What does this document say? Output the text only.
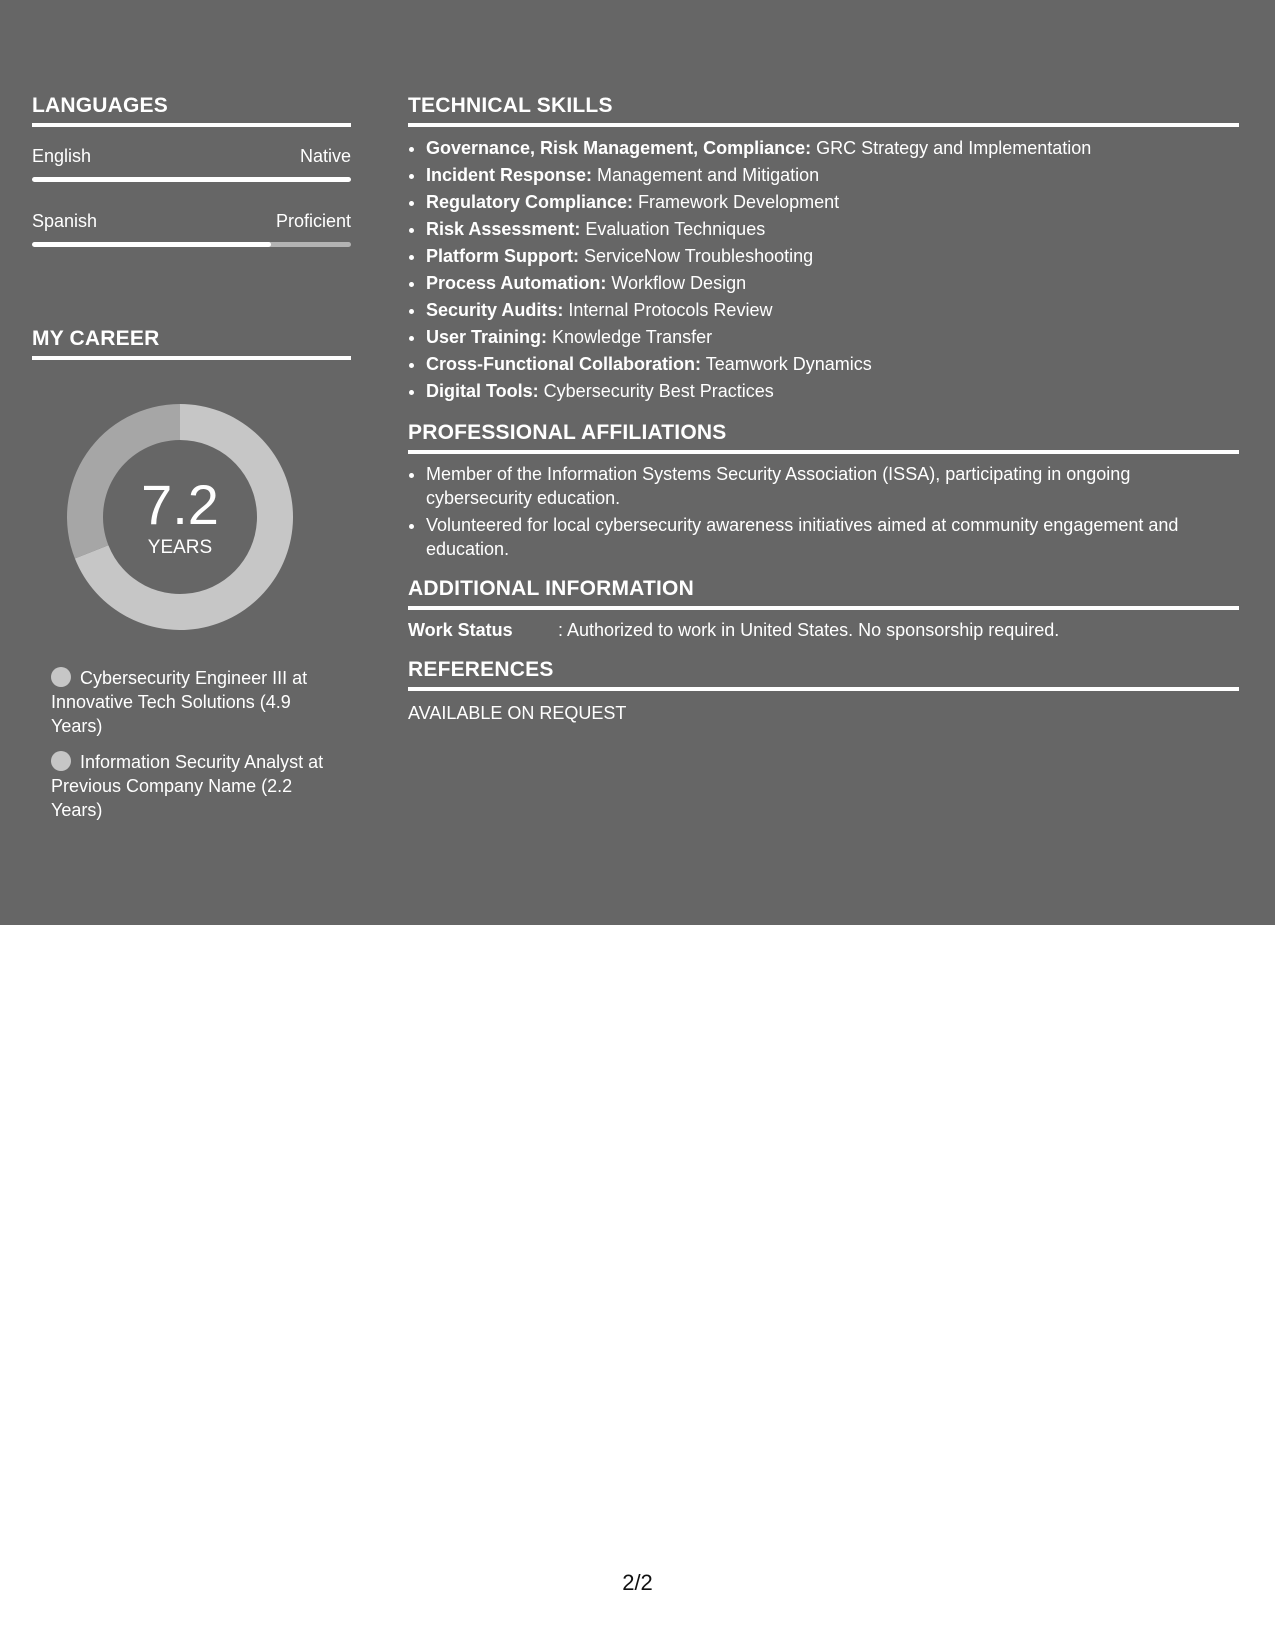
LANGUAGES
English	Native
Spanish	Proficient
MY CAREER
7.2
YEARS
Cybersecurity Engineer III at Innovative Tech Solutions (4.9 Years)
Information Security Analyst at Previous Company Name (2.2 Years)
TECHNICAL SKILLS
• Governance, Risk Management, Compliance: GRC Strategy and Implementation
• Incident Response: Management and Mitigation
• Regulatory Compliance: Framework Development
• Risk Assessment: Evaluation Techniques
• Platform Support: ServiceNow Troubleshooting
• Process Automation: Workflow Design
• Security Audits: Internal Protocols Review
• User Training: Knowledge Transfer
• Cross-Functional Collaboration: Teamwork Dynamics
• Digital Tools: Cybersecurity Best Practices
PROFESSIONAL AFFILIATIONS
• Member of the Information Systems Security Association (ISSA), participating in ongoing cybersecurity education.
• Volunteered for local cybersecurity awareness initiatives aimed at community engagement and education.
ADDITIONAL INFORMATION
Work Status	: Authorized to work in United States. No sponsorship required.
REFERENCES
AVAILABLE ON REQUEST
2/2
